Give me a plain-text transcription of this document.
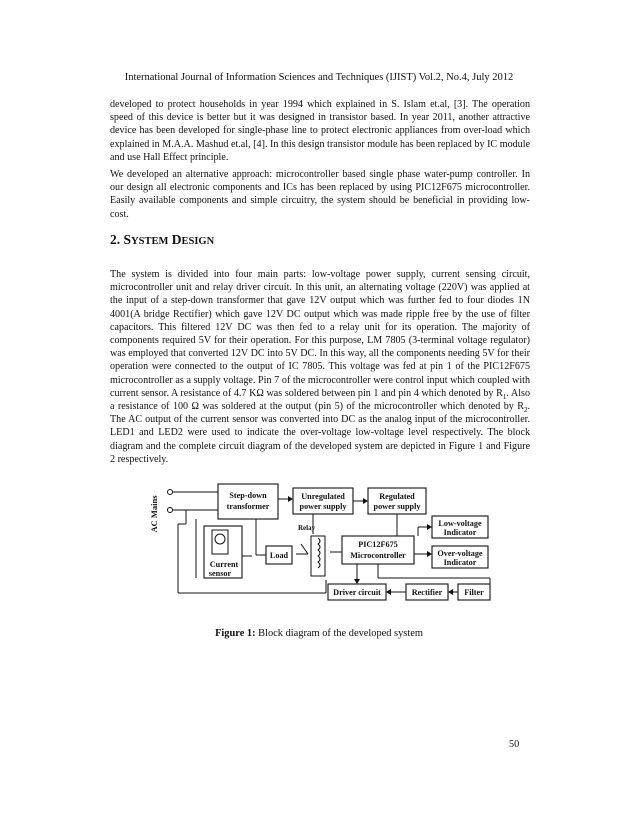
International Journal of Information Sciences and Techniques (IJIST) Vol.2, No.4, July 2012

developed to protect households in year 1994 which explained in S. Islam et.al, [3]. The operation speed of this device is better but it was designed in transistor based. In year 2011, another attractive device has been developed for single-phase line to protect electronic appliances from over-load which explained in M.A.A. Mashud et.al, [4]. In this design transistor module has been replaced by IC module and use Hall Effect principle.

We developed an alternative approach: microcontroller based single phase water-pump controller. In our design all electronic components and ICs has been replaced by using PIC12F675 microcontroller. Easily available components and simple circuitry, the system should be beneficial in providing low-cost.

2. SYSTEM DESIGN

The system is divided into four main parts: low-voltage power supply, current sensing circuit, microcontroller unit and relay driver circuit. In this unit, an alternating voltage (220V) was applied at the input of a step-down transformer that gave 12V output which was further fed to four diodes 1N 4001(A bridge Rectifier) which gave 12V DC output which was made ripple free by the use of filter capacitors. This filtered 12V DC was then fed to a relay unit for its operation. The majority of components required 5V for their operation. For this purpose, LM 7805 (3-terminal voltage regulator) was employed that converted 12V DC into 5V DC. In this way, all the components needing 5V for their operation were connected to the output of IC 7805. This voltage was fed at pin 1 of the PIC12F675 microcontroller as a supply voltage. Pin 7 of the microcontroller were control input which coupled with current sensor. A resistance of 4.7 KΩ was soldered between pin 1 and pin 4 which denoted by $R_1$. Also a resistance of 100 Ω was soldered at the output (pin 5) of the microcontroller which denoted by $R_2$. The AC output of the current sensor was converted into DC as the analog input of the microcontroller. LED1 and LED2 were used to indicate the over-voltage low-voltage level respectively. The block diagram and the complete circuit diagram of the developed system are depicted in Figure 1 and Figure 2 respectively.

AC Mains	Step-down
transformer
Unregulated
power supply
Regulated
power supply
Low-voltage
Indicator
Relay
Load
Current
sensor
PIC12F675
Microcontroller	Over-voltage
Indicator
Driver circuit	Rectifier	Filter
Figure 1: Block diagram of the developed system
50
